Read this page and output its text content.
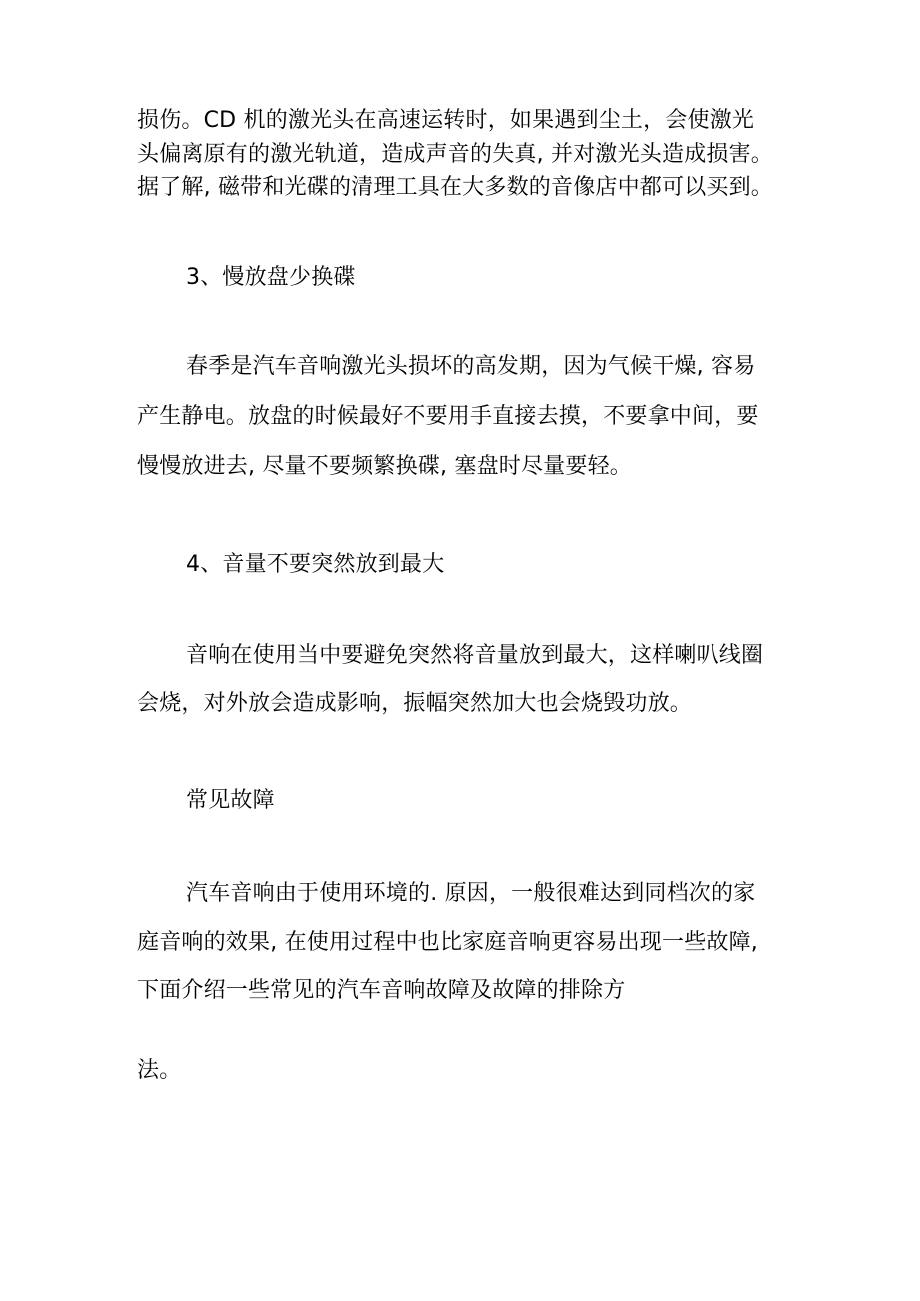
损伤。CD 机的激光头在高速运转时，如果遇到尘土，会使激光
头偏离原有的激光轨道，造成声音的失真, 并对激光头造成损害。
据了解, 磁带和光碟的清理工具在大多数的音像店中都可以买到。
3、慢放盘少换碟
春季是汽车音响激光头损坏的高发期，因为气候干燥, 容易
产生静电。放盘的时候最好不要用手直接去摸，不要拿中间，要
慢慢放进去, 尽量不要频繁换碟, 塞盘时尽量要轻。
4、音量不要突然放到最大
音响在使用当中要避免突然将音量放到最大，这样喇叭线圈
会烧，对外放会造成影响，振幅突然加大也会烧毁功放。
常见故障
汽车音响由于使用环境的. 原因，一般很难达到同档次的家
庭音响的效果, 在使用过程中也比家庭音响更容易出现一些故障,
下面介绍一些常见的汽车音响故障及故障的排除方
法。
